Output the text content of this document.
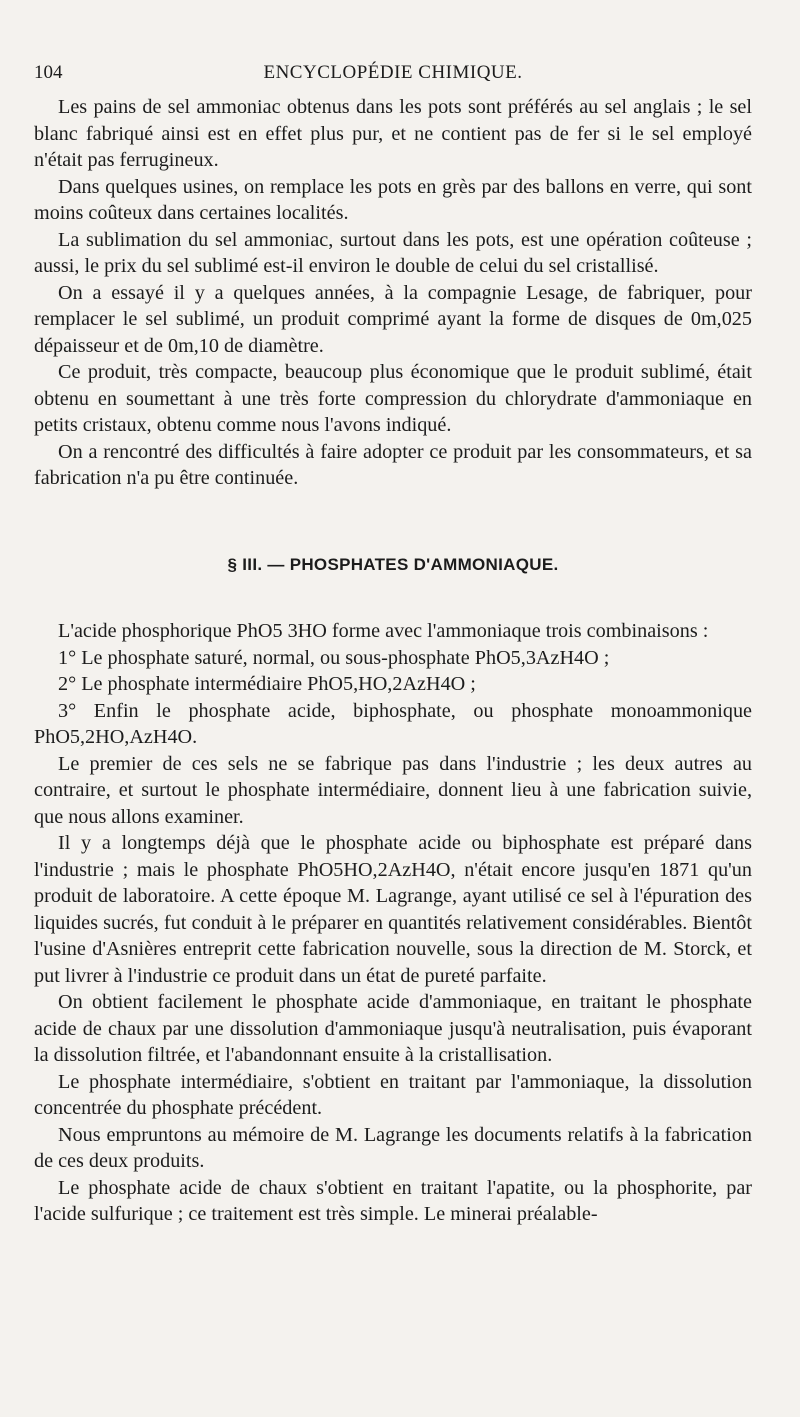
104	ENCYCLOPÉDIE CHIMIQUE.

Les pains de sel ammoniac obtenus dans les pots sont préférés au sel anglais ; le sel blanc fabriqué ainsi est en effet plus pur, et ne contient pas de fer si le sel employé n'était pas ferrugineux.

Dans quelques usines, on remplace les pots en grès par des ballons en verre, qui sont moins coûteux dans certaines localités.

La sublimation du sel ammoniac, surtout dans les pots, est une opération coûteuse ; aussi, le prix du sel sublimé est-il environ le double de celui du sel cristallisé.

On a essayé il y a quelques années, à la compagnie Lesage, de fabriquer, pour remplacer le sel sublimé, un produit comprimé ayant la forme de disques de 0m,025 dépaisseur et de 0m,10 de diamètre.

Ce produit, très compacte, beaucoup plus économique que le produit sublimé, était obtenu en soumettant à une très forte compression du chlorydrate d'ammoniaque en petits cristaux, obtenu comme nous l'avons indiqué.

On a rencontré des difficultés à faire adopter ce produit par les consommateurs, et sa fabrication n'a pu être continuée.

§ III. — PHOSPHATES D'AMMONIAQUE.

L'acide phosphorique PhO5 3HO forme avec l'ammoniaque trois combinaisons :

1° Le phosphate saturé, normal, ou sous-phosphate PhO5,3AzH4O ;

2° Le phosphate intermédiaire PhO5,HO,2AzH4O ;

3° Enfin le phosphate acide, biphosphate, ou phosphate monoammonique PhO5,2HO,AzH4O.

Le premier de ces sels ne se fabrique pas dans l'industrie ; les deux autres au contraire, et surtout le phosphate intermédiaire, donnent lieu à une fabrication suivie, que nous allons examiner.

Il y a longtemps déjà que le phosphate acide ou biphosphate est préparé dans l'industrie ; mais le phosphate PhO5HO,2AzH4O, n'était encore jusqu'en 1871 qu'un produit de laboratoire. A cette époque M. Lagrange, ayant utilisé ce sel à l'épuration des liquides sucrés, fut conduit à le préparer en quantités relativement considérables. Bientôt l'usine d'Asnières entreprit cette fabrication nouvelle, sous la direction de M. Storck, et put livrer à l'industrie ce produit dans un état de pureté parfaite.

On obtient facilement le phosphate acide d'ammoniaque, en traitant le phosphate acide de chaux par une dissolution d'ammoniaque jusqu'à neutralisation, puis évaporant la dissolution filtrée, et l'abandonnant ensuite à la cristallisation.

Le phosphate intermédiaire, s'obtient en traitant par l'ammoniaque, la dissolution concentrée du phosphate précédent.

Nous empruntons au mémoire de M. Lagrange les documents relatifs à la fabrication de ces deux produits.

Le phosphate acide de chaux s'obtient en traitant l'apatite, ou la phosphorite, par l'acide sulfurique ; ce traitement est très simple. Le minerai préalable-
